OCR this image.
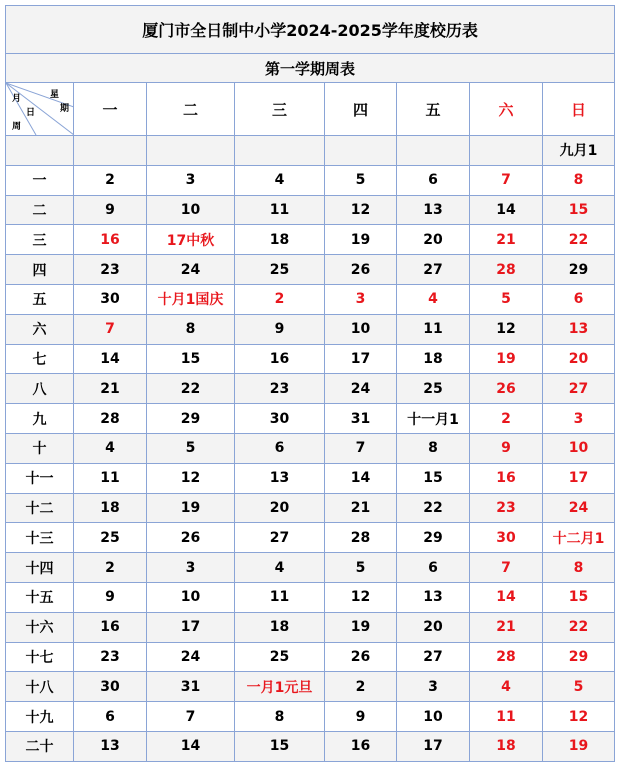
厦门市全日制中小学2024-2025学年度校历表							
第一学期周表							

月
日
周
星
期	一	二	三	四	五	六	日
							九月1
一	2	3	4	5	6	7	8
二	9	10	11	12	13	14	15
三	16	17中秋	18	19	20	21	22
四	23	24	25	26	27	28	29
五	30	十月1国庆	2	3	4	5	6
六	7	8	9	10	11	12	13
七	14	15	16	17	18	19	20
八	21	22	23	24	25	26	27
九	28	29	30	31	十一月1	2	3
十	4	5	6	7	8	9	10
十一	11	12	13	14	15	16	17
十二	18	19	20	21	22	23	24
十三	25	26	27	28	29	30	十二月1
十四	2	3	4	5	6	7	8
十五	9	10	11	12	13	14	15
十六	16	17	18	19	20	21	22
十七	23	24	25	26	27	28	29
十八	30	31	一月1元旦	2	3	4	5
十九	6	7	8	9	10	11	12
二十	13	14	15	16	17	18	19
